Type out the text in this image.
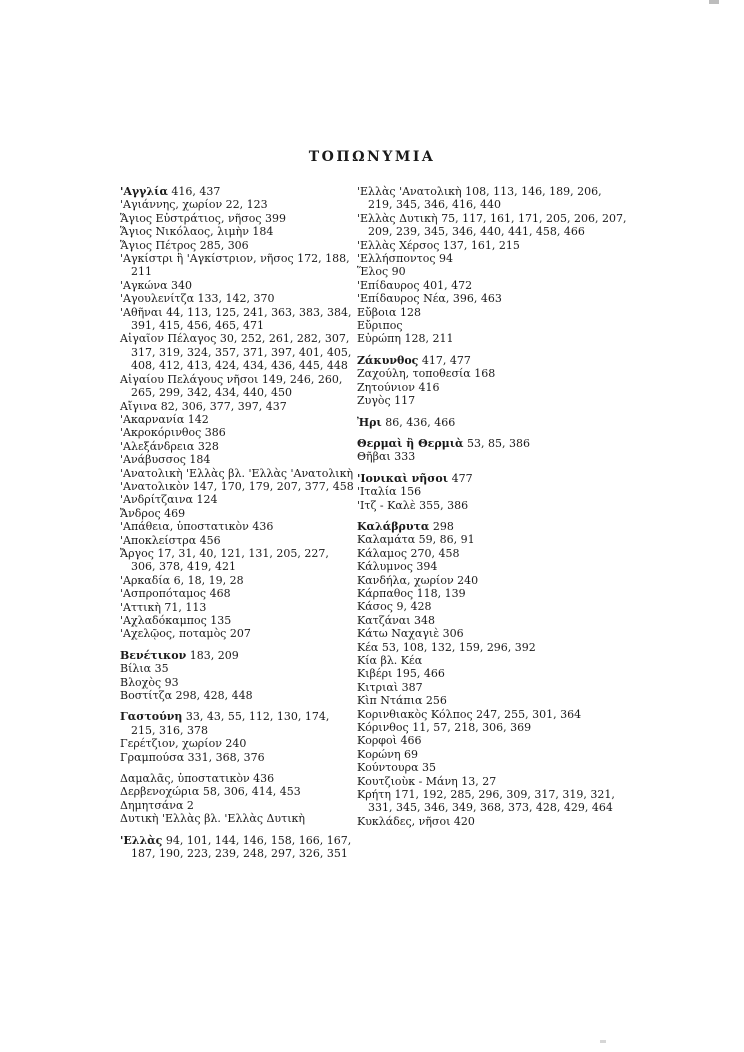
ΤΟΠΩΝΥΜΙΑ
'Αγγλία 416, 437
'Αγιάννης, χωρίον 22, 123
Ἅγιος Εὐστράτιος, νῆσος 399
Ἅγιος Νικόλαος, λιμὴν 184
Ἅγιος Πέτρος 285, 306
'Αγκίστρι ἢ 'Αγκίστριον, νῆσος 172, 188, 211
'Αγκώνα 340
'Αγουλενίτζα 133, 142, 370
'Αθῆναι 44, 113, 125, 241, 363, 383, 384, 391, 415, 456, 465, 471
Αἰγαῖον Πέλαγος 30, 252, 261, 282, 307, 317, 319, 324, 357, 371, 397, 401, 405, 408, 412, 413, 424, 434, 436, 445, 448
Αἰγαίου Πελάγους νῆσοι 149, 246, 260, 265, 299, 342, 434, 440, 450
Αἴγινα 82, 306, 377, 397, 437
'Ακαρνανία 142
'Ακροκόρινθος 386
'Αλεξάνδρεια 328
'Ανάβυσσος 184
'Ανατολικὴ 'Ελλὰς βλ. 'Ελλὰς 'Ανατολικὴ
'Ανατολικὸν 147, 170, 179, 207, 377, 458
'Ανδρίτζαινα 124
Ἄνδρος 469
'Απάθεια, ὑποστατικὸν 436
'Αποκλείστρα 456
Ἄργος 17, 31, 40, 121, 131, 205, 227, 306, 378, 419, 421
'Αρκαδία 6, 18, 19, 28
'Ασπροπόταμος 468
'Αττικὴ 71, 113
'Αχλαδόκαμπος 135
'Αχελῷος, ποταμὸς 207
Βενέτικον 183, 209
Βίλια 35
Βλοχὸς 93
Βοστίτζα 298, 428, 448
Γαστούνη 33, 43, 55, 112, 130, 174, 215, 316, 378
Γερέτζιον, χωρίον 240
Γραμπούσα 331, 368, 376
Δαμαλᾶς, ὑποστατικὸν 436
Δερβενοχώρια 58, 306, 414, 453
Δημητσάνα 2
Δυτικὴ 'Ελλὰς βλ. 'Ελλὰς Δυτικὴ
'Ελλὰς 94, 101, 144, 146, 158, 166, 167, 187, 190, 223, 239, 248, 297, 326, 351
'Ελλὰς 'Ανατολικὴ 108, 113, 146, 189, 206, 219, 345, 346, 416, 440
'Ελλὰς Δυτικὴ 75, 117, 161, 171, 205, 206, 207, 209, 239, 345, 346, 440, 441, 458, 466
'Ελλὰς Χέρσος 137, 161, 215
'Ελλήσποντος 94
Ἕλος 90
'Επίδαυρος 401, 472
'Επίδαυρος Νέα, 396, 463
Εὔβοια 128
Εὔριπος
Εὐρώπη 128, 211
Ζάκυνθος 417, 477
Ζαχούλη, τοποθεσία 168
Ζητούνιον 416
Ζυγὸς 117
Ἠρι 86, 436, 466
Θερμαὶ ἢ Θερμιὰ 53, 85, 386
Θῆβαι 333
'Ιονικαὶ νῆσοι 477
'Ιταλία 156
'Ιτζ - Καλὲ 355, 386
Καλάβρυτα 298
Καλαμάτα 59, 86, 91
Κάλαμος 270, 458
Κάλυμνος 394
Κανδήλα, χωρίον 240
Κάρπαθος 118, 139
Κάσος 9, 428
Κατζάναι 348
Κάτω Ναχαγιὲ 306
Κέα 53, 108, 132, 159, 296, 392
Κία βλ. Κέα
Κιβέρι 195, 466
Κιτριαὶ 387
Κὶπ Ντάπια 256
Κορινθιακὸς Κόλπος 247, 255, 301, 364
Κόρινθος 11, 57, 218, 306, 369
Κορφοὶ 466
Κορώνη 69
Κούντουρα 35
Κουτζιοὺκ - Μάνη 13, 27
Κρήτη 171, 192, 285, 296, 309, 317, 319, 321, 331, 345, 346, 349, 368, 373, 428, 429, 464
Κυκλάδες, νῆσοι 420
